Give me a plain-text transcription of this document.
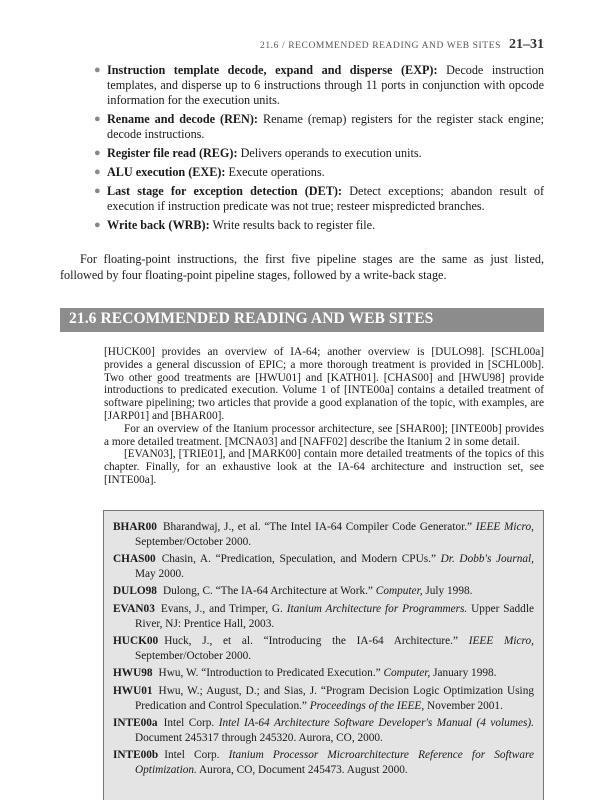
21.6 / RECOMMENDED READING AND WEB SITES 21–31
● Instruction template decode, expand and disperse (EXP): Decode instruction templates, and disperse up to 6 instructions through 11 ports in conjunction with opcode information for the execution units.
● Rename and decode (REN): Rename (remap) registers for the register stack engine; decode instructions.
● Register file read (REG): Delivers operands to execution units.
● ALU execution (EXE): Execute operations.
● Last stage for exception detection (DET): Detect exceptions; abandon result of execution if instruction predicate was not true; resteer mispredicted branches.
● Write back (WRB): Write results back to register file.

For floating-point instructions, the first five pipeline stages are the same as just listed, followed by four floating-point pipeline stages, followed by a write-back stage.

21.6 RECOMMENDED READING AND WEB SITES

[HUCK00] provides an overview of IA-64; another overview is [DULO98]. [SCHL00a] provides a general discussion of EPIC; a more thorough treatment is provided in [SCHL00b]. Two other good treatments are [HWU01] and [KATH01]. [CHAS00] and [HWU98] provide introductions to predicated execution. Volume 1 of [INTE00a] contains a detailed treatment of software pipelining; two articles that provide a good explanation of the topic, with examples, are [JARP01] and [BHAR00].

For an overview of the Itanium processor architecture, see [SHAR00]; [INTE00b] provides a more detailed treatment. [MCNA03] and [NAFF02] describe the Itanium 2 in some detail.

[EVAN03], [TRIE01], and [MARK00] contain more detailed treatments of the topics of this chapter. Finally, for an exhaustive look at the IA-64 architecture and instruction set, see [INTE00a].

BHAR00 Bharandwaj, J., et al. “The Intel IA-64 Compiler Code Generator.” IEEE Micro, September/October 2000.
CHAS00 Chasin, A. “Predication, Speculation, and Modern CPUs.” Dr. Dobb's Journal, May 2000.
DULO98 Dulong, C. “The IA-64 Architecture at Work.” Computer, July 1998.
EVAN03 Evans, J., and Trimper, G. Itanium Architecture for Programmers. Upper Saddle River, NJ: Prentice Hall, 2003.
HUCK00 Huck, J., et al. “Introducing the IA-64 Architecture.” IEEE Micro, September/October 2000.
HWU98 Hwu, W. “Introduction to Predicated Execution.” Computer, January 1998.
HWU01 Hwu, W.; August, D.; and Sias, J. “Program Decision Logic Optimization Using Predication and Control Speculation.” Proceedings of the IEEE, November 2001.
INTE00a Intel Corp. Intel IA-64 Architecture Software Developer's Manual (4 volumes). Document 245317 through 245320. Aurora, CO, 2000.
INTE00b Intel Corp. Itanium Processor Microarchitecture Reference for Software Optimization. Aurora, CO, Document 245473. August 2000.
